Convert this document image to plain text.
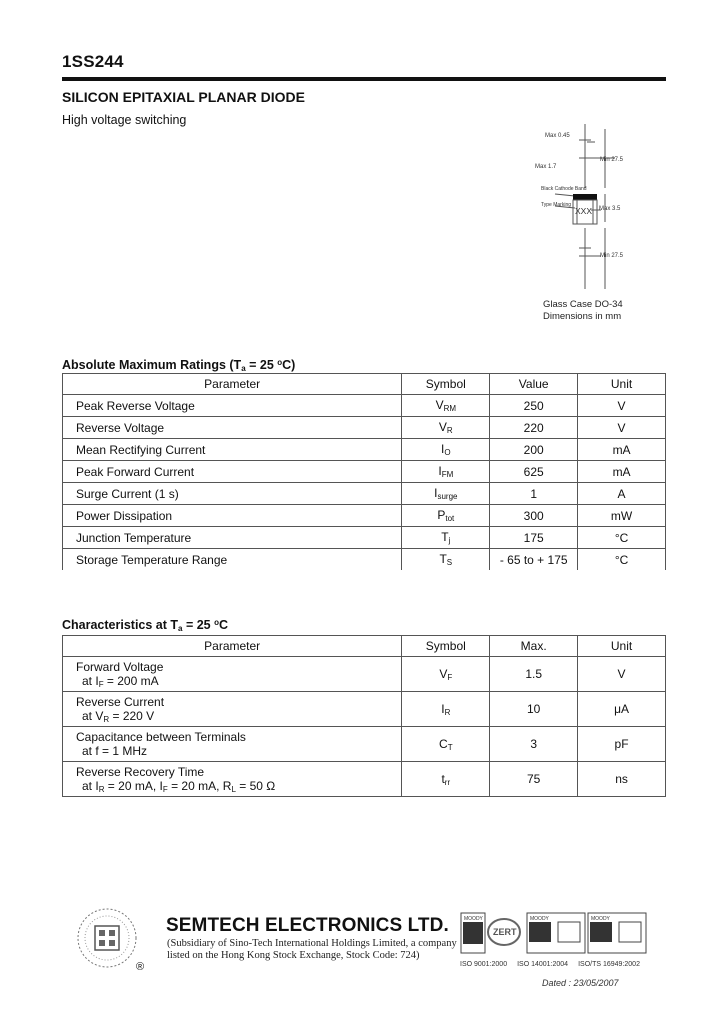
1SS244
SILICON EPITAXIAL PLANAR DIODE
High voltage switching
XXX
Max 0.45
Max 1.7
Min 27.5
Max 3.5
Min 27.5
Black Cathode Band
Type Marking
Glass Case DO-34
Dimensions in mm
Absolute Maximum Ratings ($T_a = 25$ $^o$C)
Parameter	Symbol	Value	Unit
Peak Reverse Voltage	$V_{RM}$	250	V
Reverse Voltage	$V_R$	220	V
Mean Rectifying Current	$I_O$	200	mA
Peak Forward Current	$I_{FM}$	625	mA
Surge Current (1 s)	$I_{surge}$	1	A
Power Dissipation	$P_{tot}$	300	mW
Junction Temperature	$T_j$	175	°C
Storage Temperature Range	$T_S$	- 65 to + 175	°C
Characteristics at $T_a = 25$ $^o$C
Parameter	Symbol	Max.	Unit

Forward Voltage
at $I_F = 200$ mA	$V_F$	1.5	V

Reverse Current
at $V_R = 220$ V	$I_R$	10	μA

Capacitance between Terminals
at f = 1 MHz	$C_T$	3	pF

Reverse Recovery Time
at $I_R = 20$ mA, $I_F = 20$ mA, $R_L = 50$ Ω	$t_{rr}$	75	ns
®
SEMTECH ELECTRONICS LTD.
(Subsidiary of Sino-Tech International Holdings Limited, a company
listed on the Hong Kong Stock Exchange, Stock Code: 724)
MOODY
ZERT
MOODY	MOODY
ISO 9001:2000 ISO 14001:2004 ISO/TS 16949:2002
Dated : 23/05/2007
